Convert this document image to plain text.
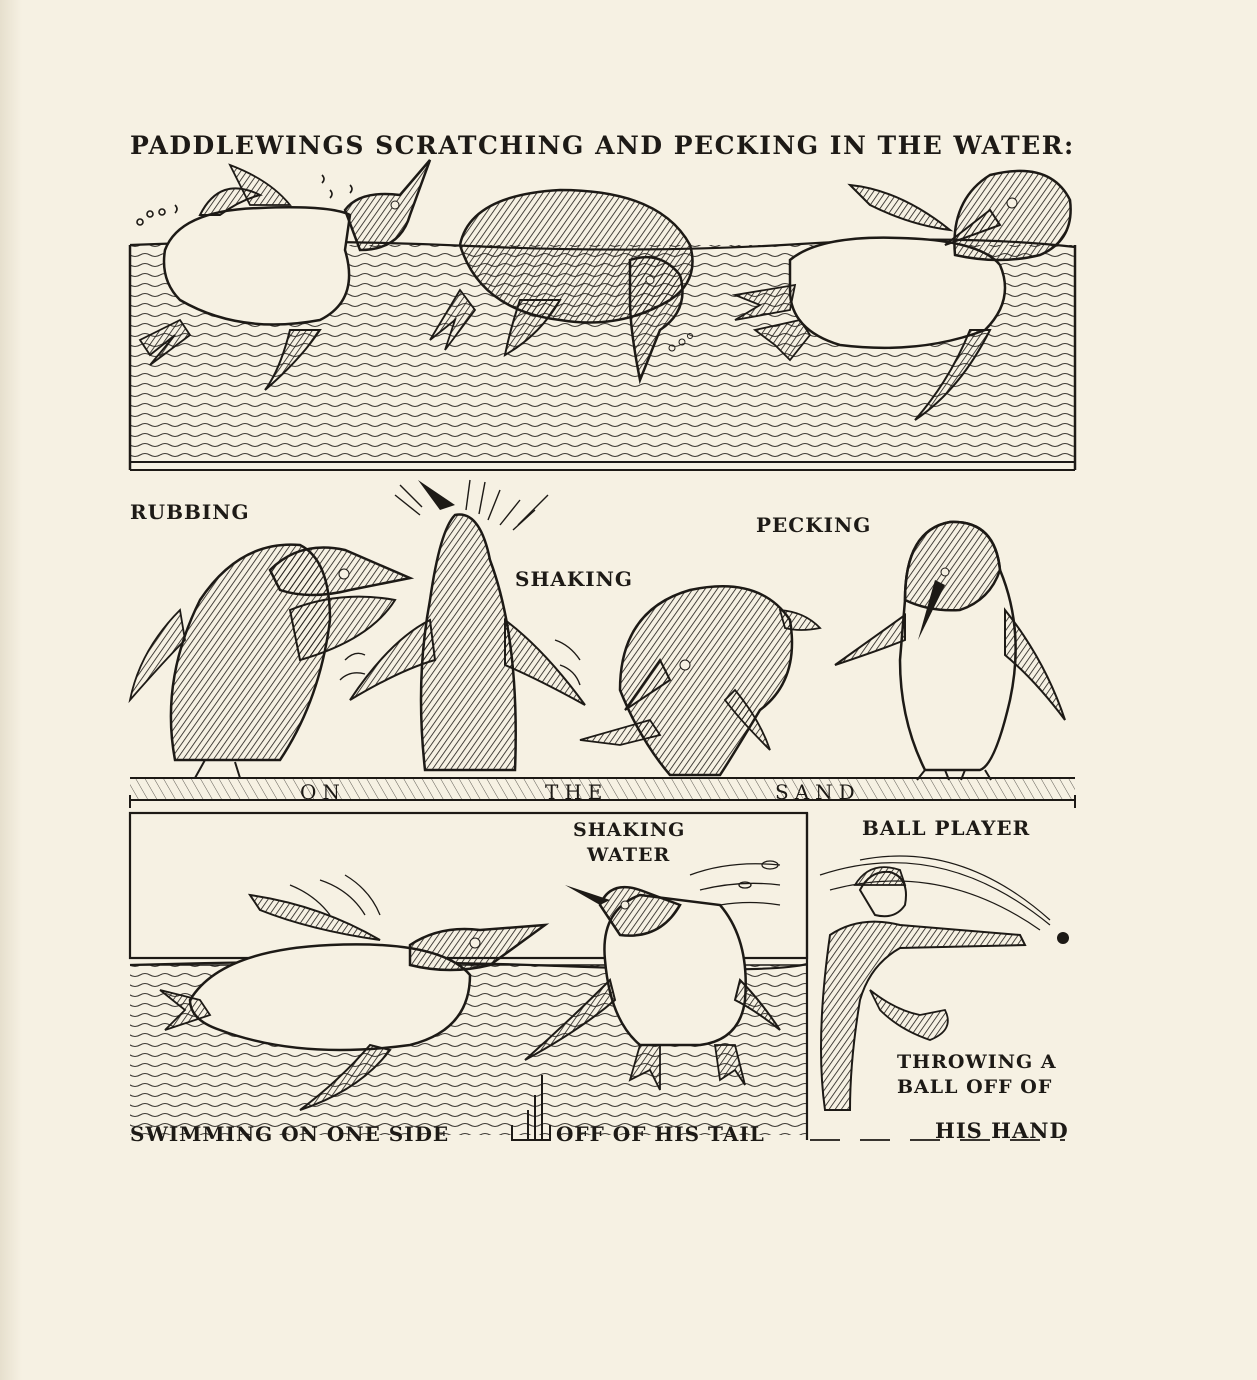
PADDLEWINGS SCRATCHING AND PECKING IN THE WATER:
RUBBING
SHAKING
PECKING
ON	THE	SAND
SHAKING
WATER
BALL PLAYER
THROWING A
BALL OFF OF
HIS HAND
SWIMMING ON ONE SIDE	OFF OF HIS TAIL
